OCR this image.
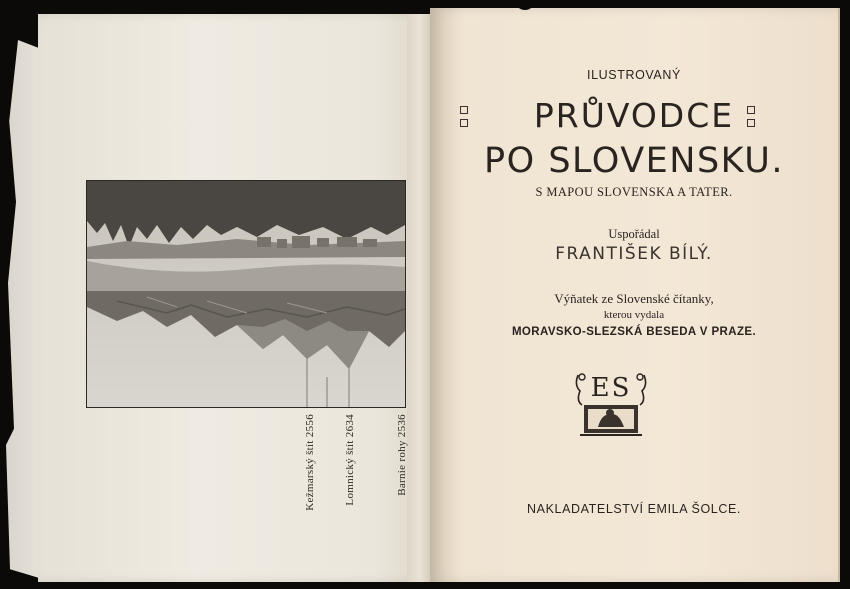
Barnie rohy 2536
Lomnický štít 2634
Kežmarský štít 2556
ILUSTROVANÝ
PRŮVODCE
PO SLOVENSKU.
S MAPOU SLOVENSKA A TATER.
Uspořádal
FRANTIŠEK BÍLÝ.
Výňatek ze Slovenské čítanky,
kterou vydala
MORAVSKO-SLEZSKÁ BESEDA V PRAZE.
NAKLADATELSTVÍ EMILA ŠOLCE.
ES
